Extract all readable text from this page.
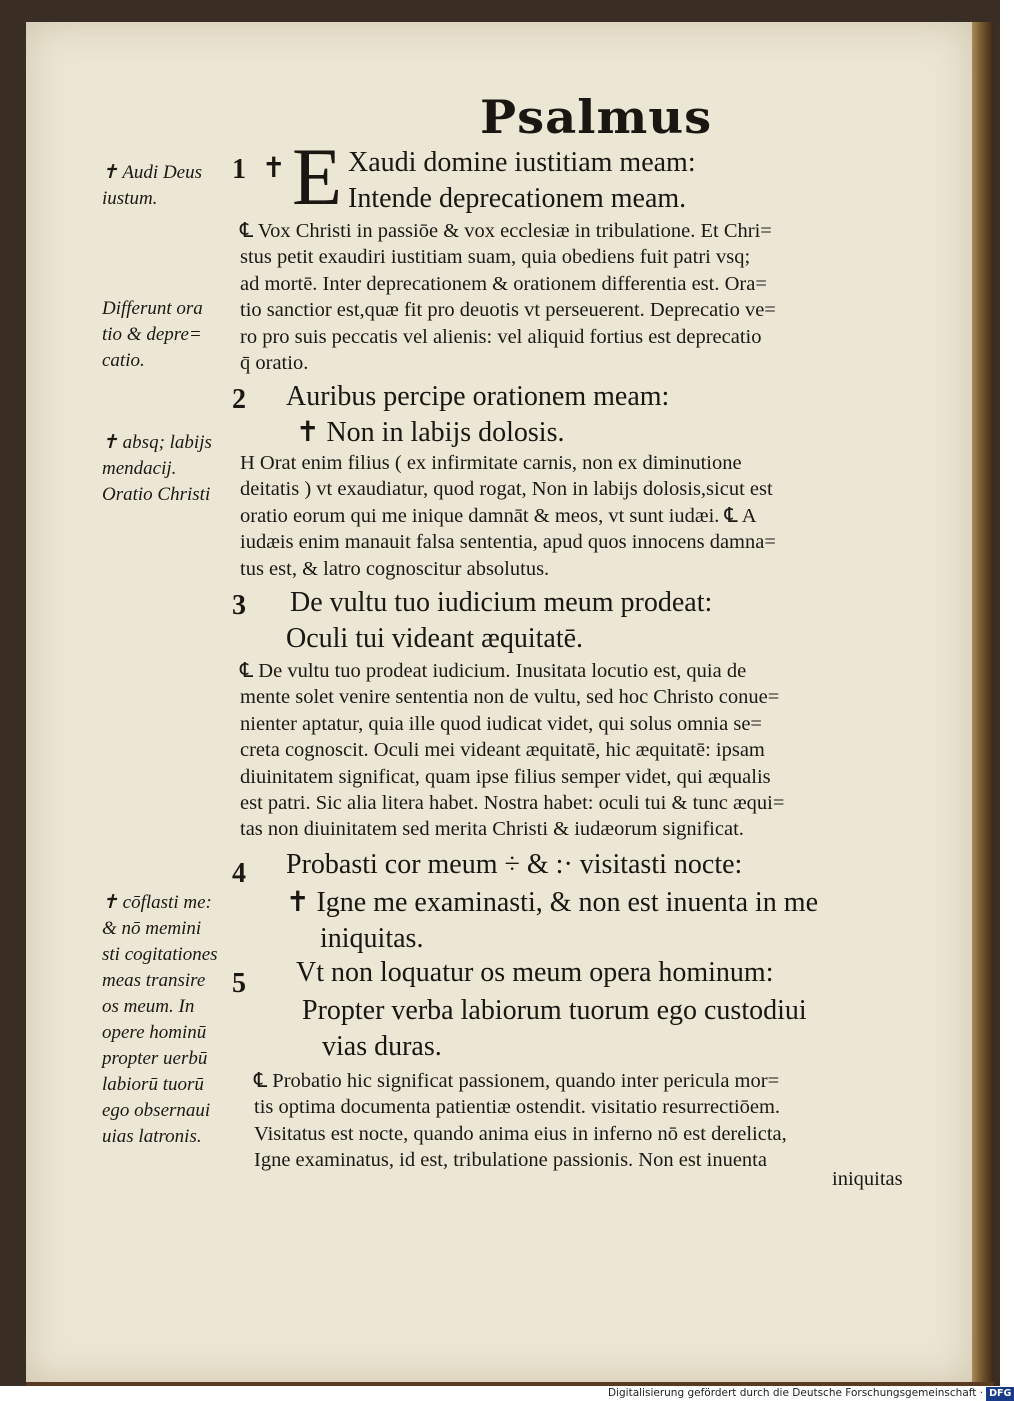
Psalmus
✝ Audi Deus
iustum.
Differunt ora
tio & depre=
catio.
✝ absq; labijs
mendacij.
Oratio Christi
✝ cōflasti me:
& nō memini
sti cogitationes
meas transire
os meum. In
opere hominū
propter uerbū
labiorū tuorū
ego obsernaui
uias latronis.
1
2
3
4
5
✝ E Xaudi domine iustitiam meam:
Intende deprecationem meam.
℄ Vox Christi in passiōe & vox ecclesiæ in tribulatione. Et Chri=
stus petit exaudiri iustitiam suam, quia obediens fuit patri vsq;
ad mortē. Inter deprecationem & orationem differentia est. Ora=
tio sanctior est,quæ fit pro deuotis vt perseuerent. Deprecatio ve=
ro pro suis peccatis vel alienis: vel aliquid fortius est deprecatio
q̄ oratio.
Auribus percipe orationem meam:
✝ Non in labijs dolosis.
H Orat enim filius ( ex infirmitate carnis, non ex diminutione
deitatis ) vt exaudiatur, quod rogat, Non in labijs dolosis,sicut est
oratio eorum qui me inique damnāt & meos, vt sunt iudæi. ℄ A
iudæis enim manauit falsa sententia, apud quos innocens damna=
tus est, & latro cognoscitur absolutus.
De vultu tuo iudicium meum prodeat:
Oculi tui videant æquitatē.
℄ De vultu tuo prodeat iudicium. Inusitata locutio est, quia de
mente solet venire sententia non de vultu, sed hoc Christo conue=
nienter aptatur, quia ille quod iudicat videt, qui solus omnia se=
creta cognoscit. Oculi mei videant æquitatē, hic æquitatē: ipsam
diuinitatem significat, quam ipse filius semper videt, qui æqualis
est patri. Sic alia litera habet. Nostra habet: oculi tui & tunc æqui=
tas non diuinitatem sed merita Christi & iudæorum significat.
Probasti cor meum ÷ & :· visitasti nocte:
✝ Igne me examinasti, & non est inuenta in me
iniquitas.
Vt non loquatur os meum opera hominum:
Propter verba labiorum tuorum ego custodiui
vias duras.
℄ Probatio hic significat passionem, quando inter pericula mor=
tis optima documenta patientiæ ostendit. visitatio resurrectiōem.
Visitatus est nocte, quando anima eius in inferno nō est derelicta,
Igne examinatus, id est, tribulatione passionis. Non est inuenta
iniquitas
Digitalisierung gefördert durch die Deutsche Forschungsgemeinschaft · DFG
